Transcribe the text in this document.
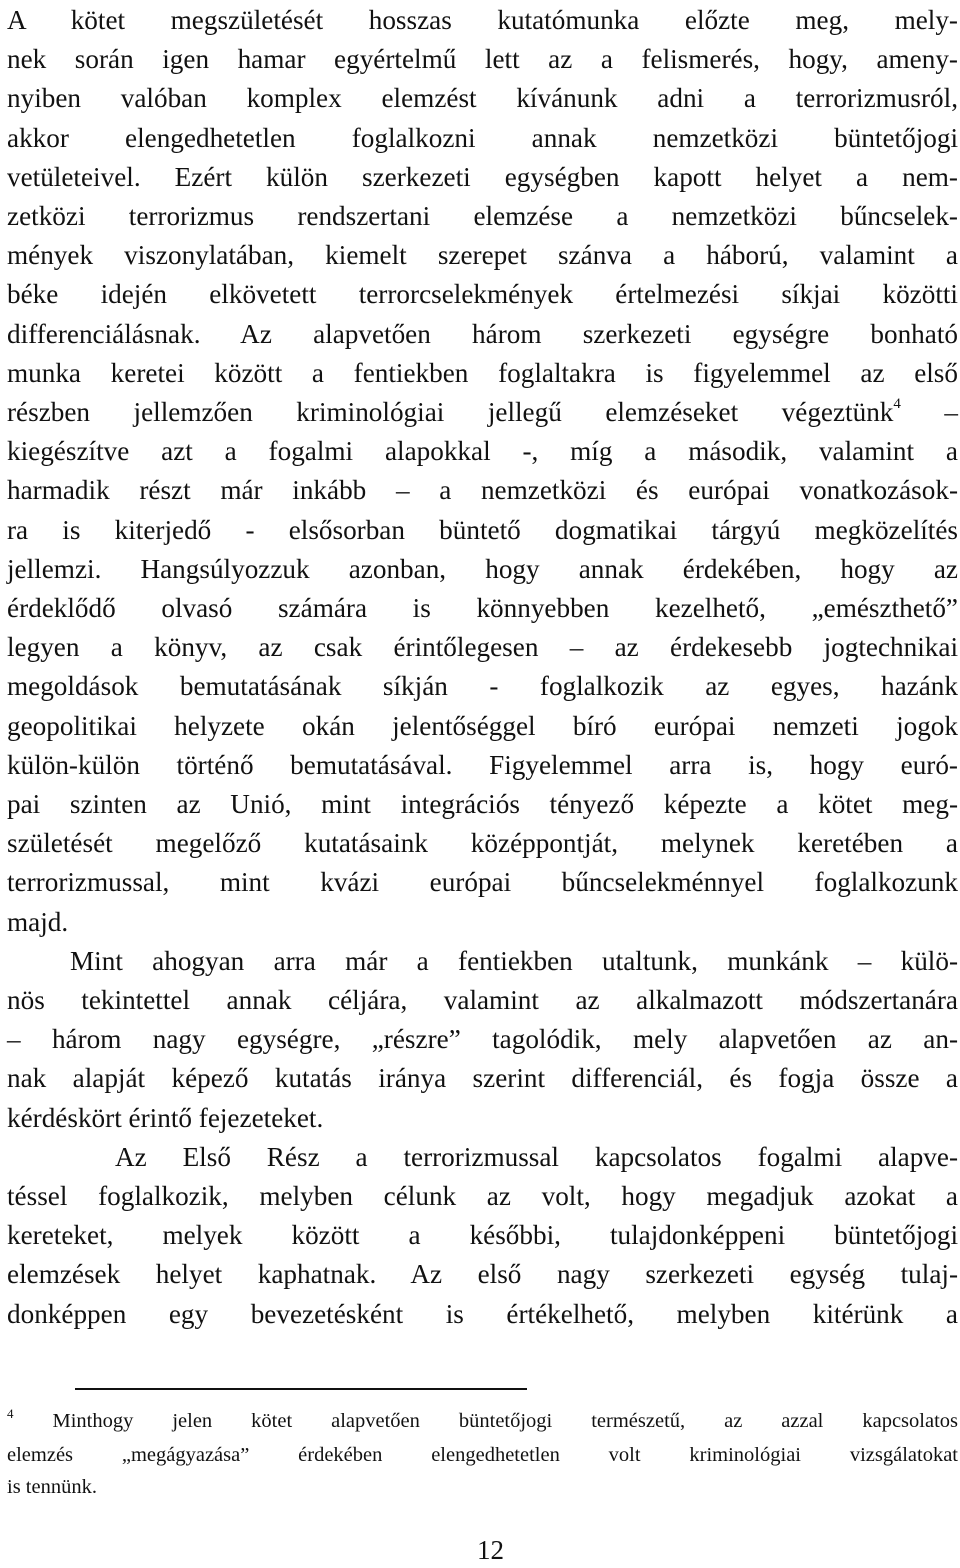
A kötet megszületését hosszas kutatómunka előzte meg, mely-
nek során igen hamar egyértelmű lett az a felismerés, hogy, ameny-
nyiben valóban komplex elemzést kívánunk adni a terrorizmusról,
akkor elengedhetetlen foglalkozni annak nemzetközi büntetőjogi
vetületeivel. Ezért külön szerkezeti egységben kapott helyet a nem-
zetközi terrorizmus rendszertani elemzése a nemzetközi bűncselek-
mények viszonylatában, kiemelt szerepet szánva a háború, valamint a
béke idején elkövetett terrorcselekmények értelmezési síkjai közötti
differenciálásnak. Az alapvetően három szerkezeti egységre bonható
munka keretei között a fentiekben foglaltakra is figyelemmel az első
részben jellemzően kriminológiai jellegű elemzéseket végeztünk$^4$ –
kiegészítve azt a fogalmi alapokkal -, míg a második, valamint a
harmadik részt már inkább – a nemzetközi és európai vonatkozások-
ra is kiterjedő - elsősorban büntető dogmatikai tárgyú megközelítés
jellemzi. Hangsúlyozzuk azonban, hogy annak érdekében, hogy az
érdeklődő olvasó számára is könnyebben kezelhető, „emészthető”
legyen a könyv, az csak érintőlegesen – az érdekesebb jogtechnikai
megoldások bemutatásának síkján - foglalkozik az egyes, hazánk
geopolitikai helyzete okán jelentőséggel bíró európai nemzeti jogok
külön-külön történő bemutatásával. Figyelemmel arra is, hogy euró-
pai szinten az Unió, mint integrációs tényező képezte a kötet meg-
születését megelőző kutatásaink középpontját, melynek keretében a
terrorizmussal, mint kvázi európai bűncselekménnyel foglalkozunk
majd.
Mint ahogyan arra már a fentiekben utaltunk, munkánk – külö-
nös tekintettel annak céljára, valamint az alkalmazott módszertanára
– három nagy egységre, „részre” tagolódik, mely alapvetően az an-
nak alapját képező kutatás iránya szerint differenciál, és fogja össze a
kérdéskört érintő fejezeteket.
Az Első Rész a terrorizmussal kapcsolatos fogalmi alapve-
téssel foglalkozik, melyben célunk az volt, hogy megadjuk azokat a
kereteket, melyek között a későbbi, tulajdonképpeni büntetőjogi
elemzések helyet kaphatnak. Az első nagy szerkezeti egység tulaj-
donképpen egy bevezetésként is értékelhető, melyben kitérünk a
$^4$ Minthogy jelen kötet alapvetően büntetőjogi természetű, az azzal kapcsolatos
elemzés „megágyazása” érdekében elengedhetetlen volt kriminológiai vizsgálatokat
is tennünk.
12
